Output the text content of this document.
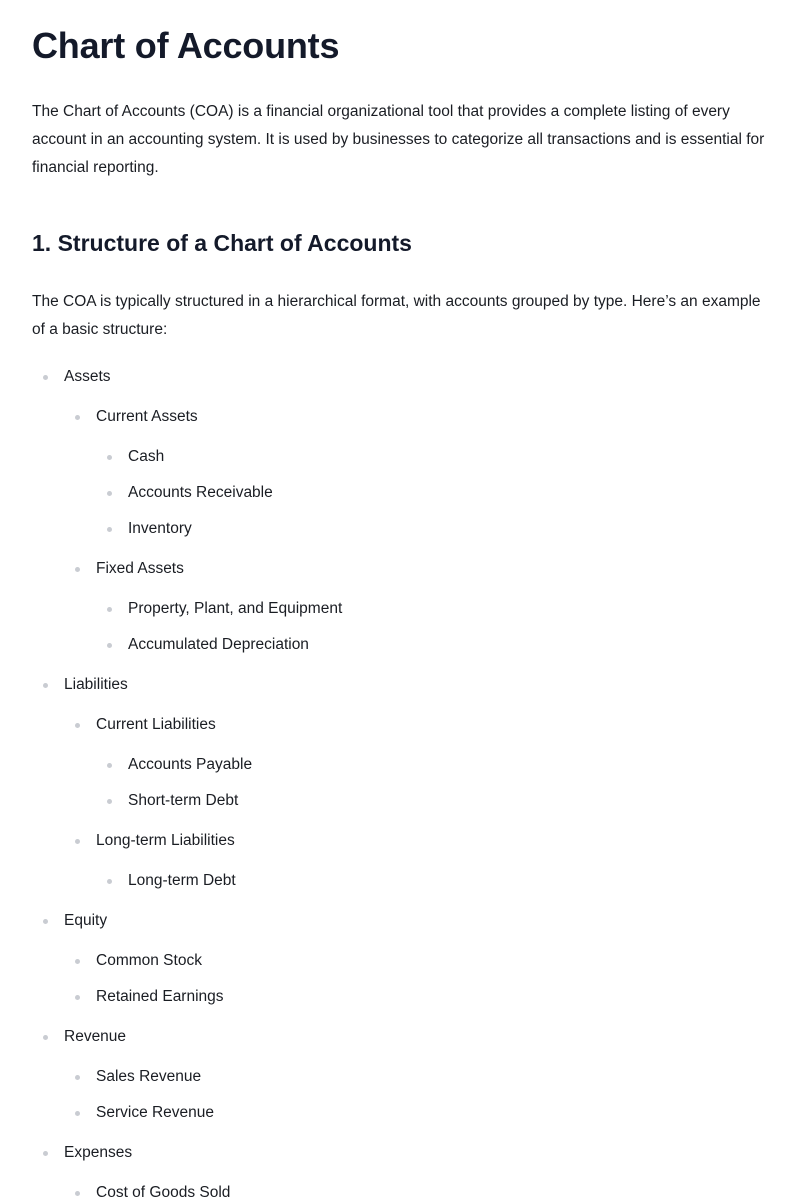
Chart of Accounts

The Chart of Accounts (COA) is a financial organizational tool that provides a complete listing of every account in an accounting system. It is used by businesses to categorize all transactions and is essential for financial reporting.

1. Structure of a Chart of Accounts

The COA is typically structured in a hierarchical format, with accounts grouped by type. Here’s an example of a basic structure:

Assets
Current Assets
Cash
Accounts Receivable
Inventory
Fixed Assets
Property, Plant, and Equipment
Accumulated Depreciation
Liabilities
Current Liabilities
Accounts Payable
Short-term Debt
Long-term Liabilities
Long-term Debt
Equity
Common Stock
Retained Earnings
Revenue
Sales Revenue
Service Revenue
Expenses
Cost of Goods Sold
